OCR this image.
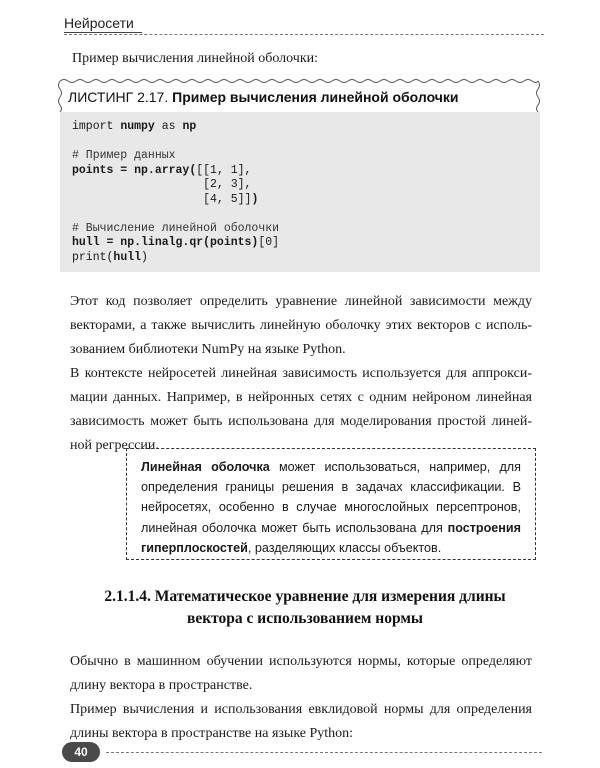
Нейросети
Пример вычисления линейной оболочки:
ЛИСТИНГ 2.17. Пример вычисления линейной оболочки
import numpy as np

# Пример данных
points = np.array([[1, 1],
[2, 3],
[4, 5]])

# Вычисление линейной оболочки
hull = np.linalg.qr(points)[0]
print(hull)
Этот код позволяет определить уравнение линейной зависимости между
векторами, а также вычислить линейную оболочку этих векторов с исполь-
зованием библиотеки NumPy на языке Python.
В контексте нейросетей линейная зависимость используется для аппрокси-
мации данных. Например, в нейронных сетях с одним нейроном линейная
зависимость может быть использована для моделирования простой линей-
ной регрессии.
Линейная оболочка может использоваться, например, для
определения границы решения в задачах классификации. В
нейросетях, особенно в случае многослойных персептронов,
линейная оболочка может быть использована для построения
гиперплоскостей, разделяющих классы объектов.
2.1.1.4. Математическое уравнение для измерения длины
вектора с использованием нормы
Обычно в машинном обучении используются нормы, которые определяют
длину вектора в пространстве.
Пример вычисления и использования евклидовой нормы для определения
длины вектора в пространстве на языке Python:
40
